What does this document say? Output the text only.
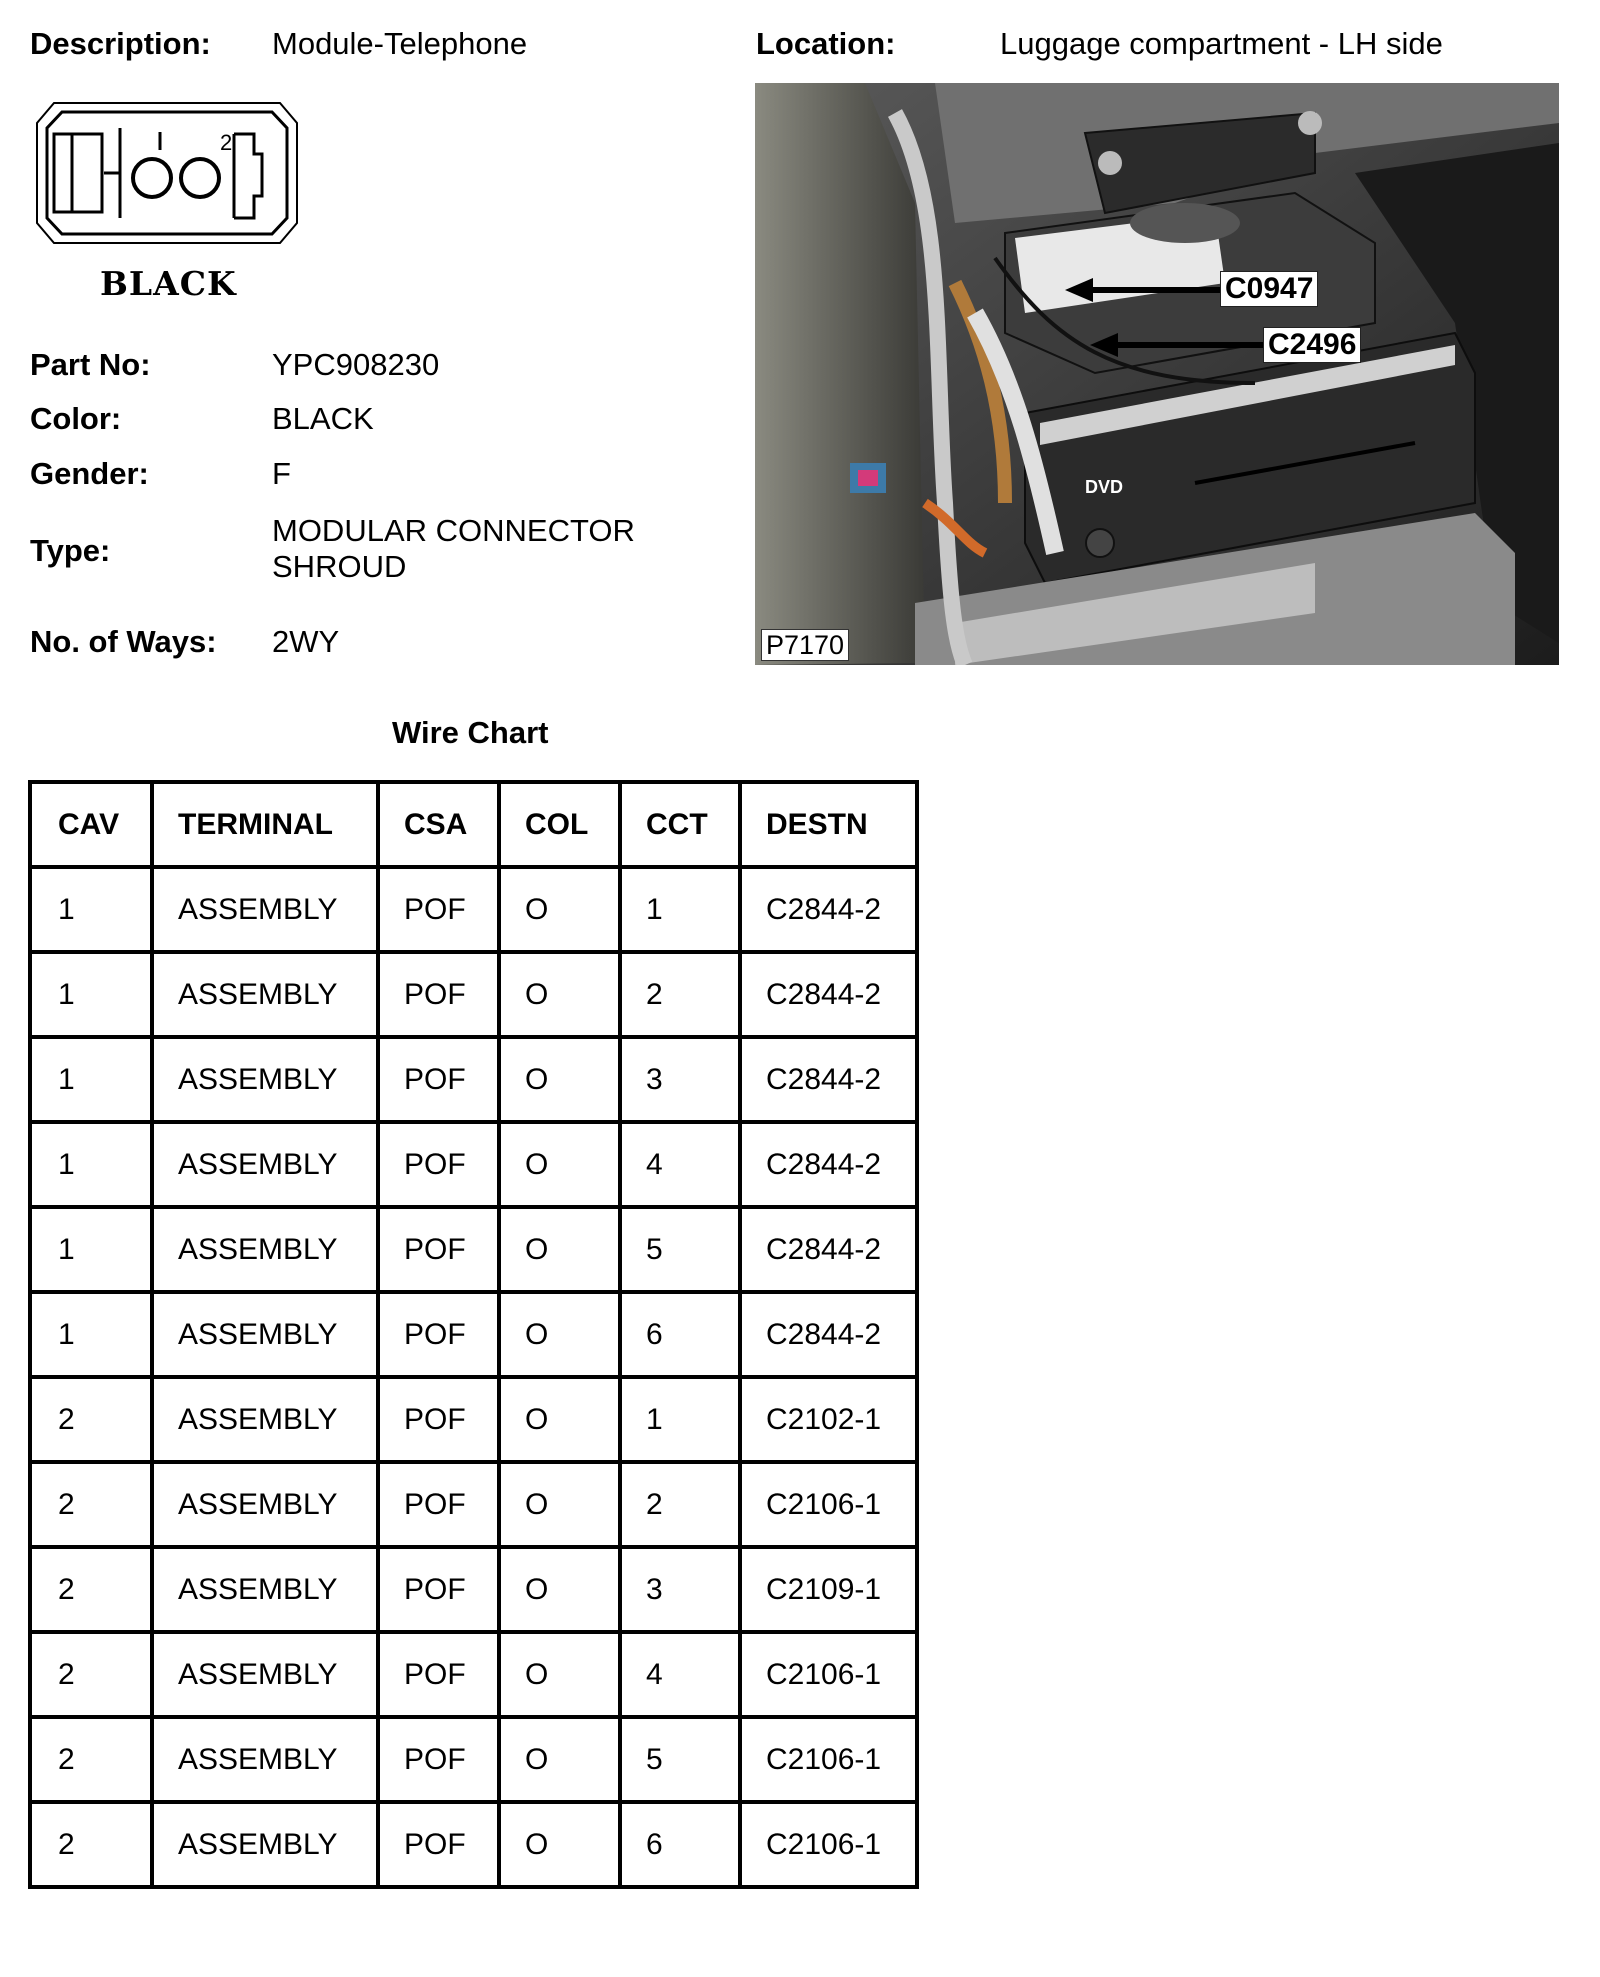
Description: Module-Telephone	Location:	Luggage compartment - LH side
2
BLACK
Part No:	YPC908230
Color:	BLACK
Gender:	F
Type:
MODULAR CONNECTOR
SHROUD
No. of Ways: 2WY
DVD
C0947
C2496
P7170
Wire Chart
CAV	TERMINAL	CSA	COL	CCT	DESTN
1	ASSEMBLY	POF	O	1	C2844-2
1	ASSEMBLY	POF	O	2	C2844-2
1	ASSEMBLY	POF	O	3	C2844-2
1	ASSEMBLY	POF	O	4	C2844-2
1	ASSEMBLY	POF	O	5	C2844-2
1	ASSEMBLY	POF	O	6	C2844-2
2	ASSEMBLY	POF	O	1	C2102-1
2	ASSEMBLY	POF	O	2	C2106-1
2	ASSEMBLY	POF	O	3	C2109-1
2	ASSEMBLY	POF	O	4	C2106-1
2	ASSEMBLY	POF	O	5	C2106-1
2	ASSEMBLY	POF	O	6	C2106-1
